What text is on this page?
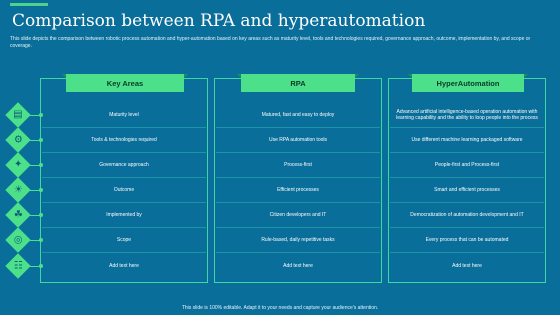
Comparison between RPA and hyperautomation
This slide depicts the comparison between robotic process automation and hyper-automation based on key areas such as maturity level, tools and technologies required, governance approach, outcome, implementation by, and scope or coverage.
Key Areas	RPA	HyperAutomation
▤	Maturity level	Matured, fast and easy to deploy	Advanced artificial intelligence-based operation automation with learning capability and the ability to loop people into the process
⚙	Tools & technologies required	Use RPA automation tools	Use different machine learning packaged software
✦	Governance approach	Process-first	People-first and Process-first
☀	Outcome	Efficient processes	Smart and efficient processes
☘	Implemented by	Citizen developers and IT	Democratization of automation development and IT
◎	Scope	Rule-based, daily repetitive tasks	Every process that can be automated
☷	Add text here	Add text here	Add text here
This slide is 100% editable. Adapt it to your needs and capture your audience's attention.
